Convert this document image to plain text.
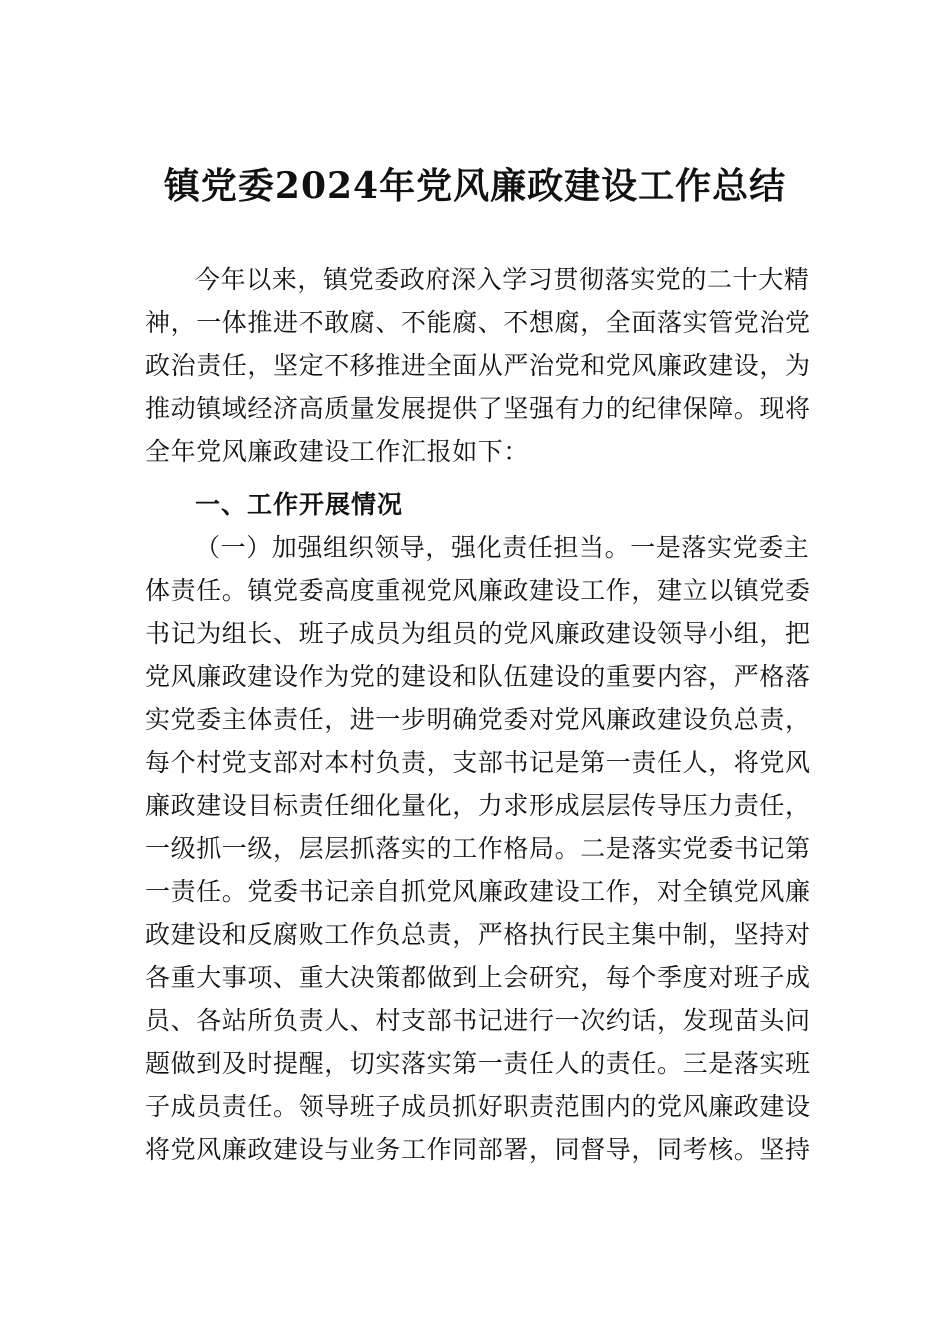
镇党委2024年党风廉政建设工作总结
今年以来，镇党委政府深入学习贯彻落实党的二十大精
神，一体推进不敢腐、不能腐、不想腐，全面落实管党治党
政治责任，坚定不移推进全面从严治党和党风廉政建设，为
推动镇域经济高质量发展提供了坚强有力的纪律保障。现将
全年党风廉政建设工作汇报如下：
一、工作开展情况
（一）加强组织领导，强化责任担当。一是落实党委主
体责任。镇党委高度重视党风廉政建设工作，建立以镇党委
书记为组长、班子成员为组员的党风廉政建设领导小组，把
党风廉政建设作为党的建设和队伍建设的重要内容，严格落
实党委主体责任，进一步明确党委对党风廉政建设负总责，
每个村党支部对本村负责，支部书记是第一责任人，将党风
廉政建设目标责任细化量化，力求形成层层传导压力责任，
一级抓一级，层层抓落实的工作格局。二是落实党委书记第
一责任。党委书记亲自抓党风廉政建设工作，对全镇党风廉
政建设和反腐败工作负总责，严格执行民主集中制，坚持对
各重大事项、重大决策都做到上会研究，每个季度对班子成
员、各站所负责人、村支部书记进行一次约话，发现苗头问
题做到及时提醒，切实落实第一责任人的责任。三是落实班
子成员责任。领导班子成员抓好职责范围内的党风廉政建设
将党风廉政建设与业务工作同部署，同督导，同考核。坚持
